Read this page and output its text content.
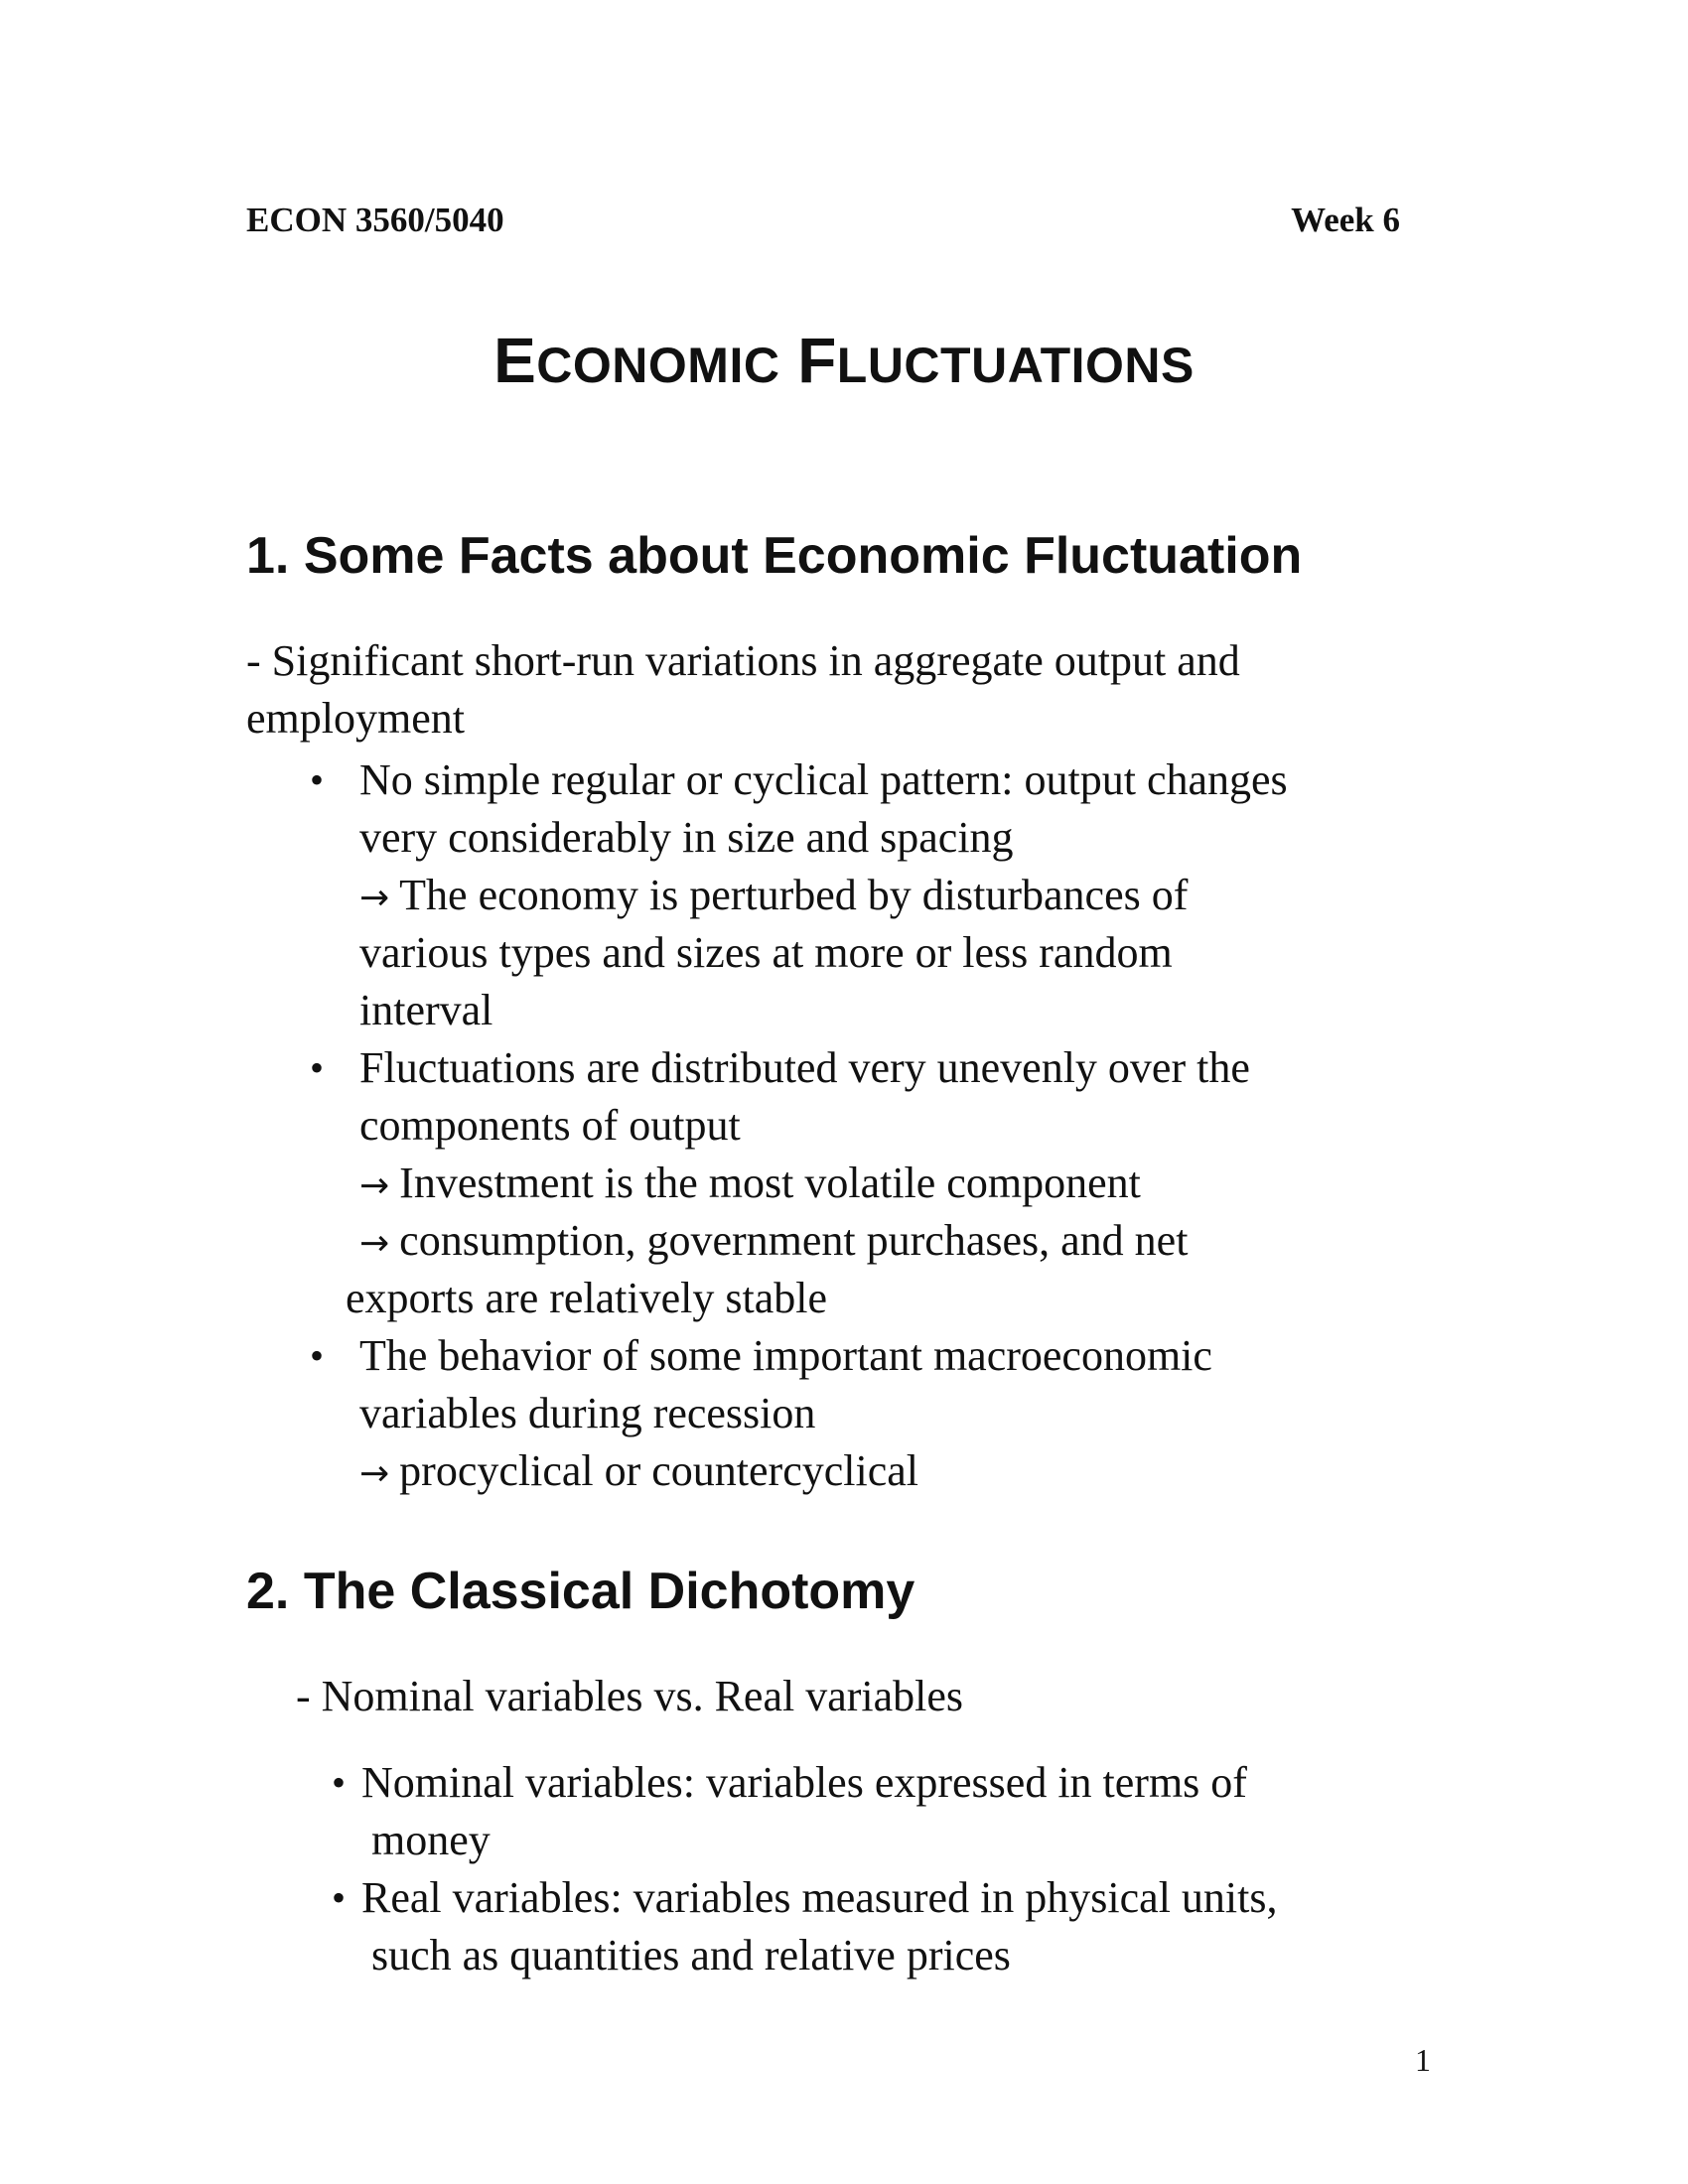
ECON 3560/5040	Week 6
ECONOMIC FLUCTUATIONS
1. Some Facts about Economic Fluctuation
- Significant short-run variations in aggregate output and
employment
• No simple regular or cyclical pattern: output changes
very considerably in size and spacing
→ The economy is perturbed by disturbances of
various types and sizes at more or less random
interval
• Fluctuations are distributed very unevenly over the
components of output
→ Investment is the most volatile component
→ consumption, government purchases, and net
exports are relatively stable
• The behavior of some important macroeconomic
variables during recession
→ procyclical or countercyclical
2. The Classical Dichotomy
- Nominal variables vs. Real variables
• Nominal variables: variables expressed in terms of
money
• Real variables: variables measured in physical units,
such as quantities and relative prices
1
